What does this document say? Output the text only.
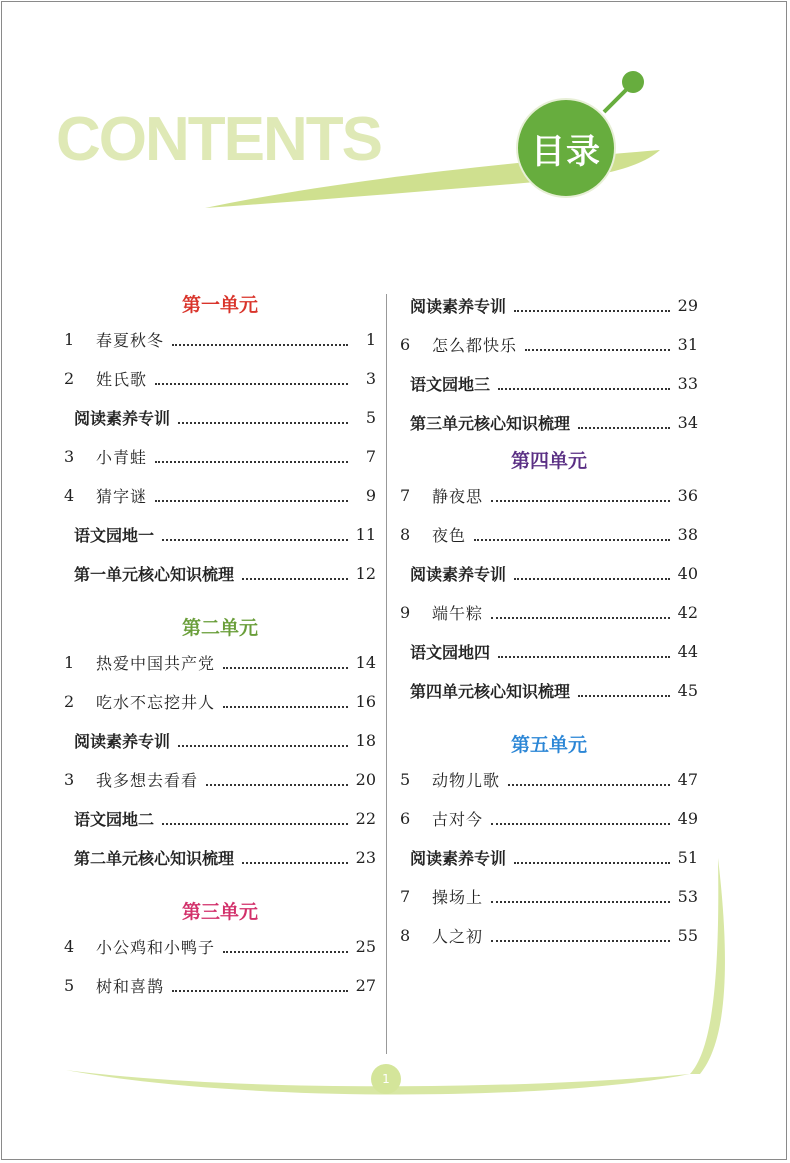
CONTENTS	目录
第一单元
1	春夏秋冬	1
2	姓氏歌	3
阅读素养专训	5
3	小青蛙	7
4	猜字谜	9
语文园地一	11
第一单元核心知识梳理	12
第二单元
1	热爱中国共产党	14
2	吃水不忘挖井人	16
阅读素养专训	18
3	我多想去看看	20
语文园地二	22
第二单元核心知识梳理	23
第三单元
4	小公鸡和小鸭子	25
5	树和喜鹊	27
阅读素养专训	29
6	怎么都快乐	31
语文园地三	33
第三单元核心知识梳理	34
第四单元
7	静夜思	36
8	夜色	38
阅读素养专训	40
9	端午粽	42
语文园地四	44
第四单元核心知识梳理	45
第五单元
5	动物儿歌	47
6	古对今	49
阅读素养专训	51
7	操场上	53
8	人之初	55
1
